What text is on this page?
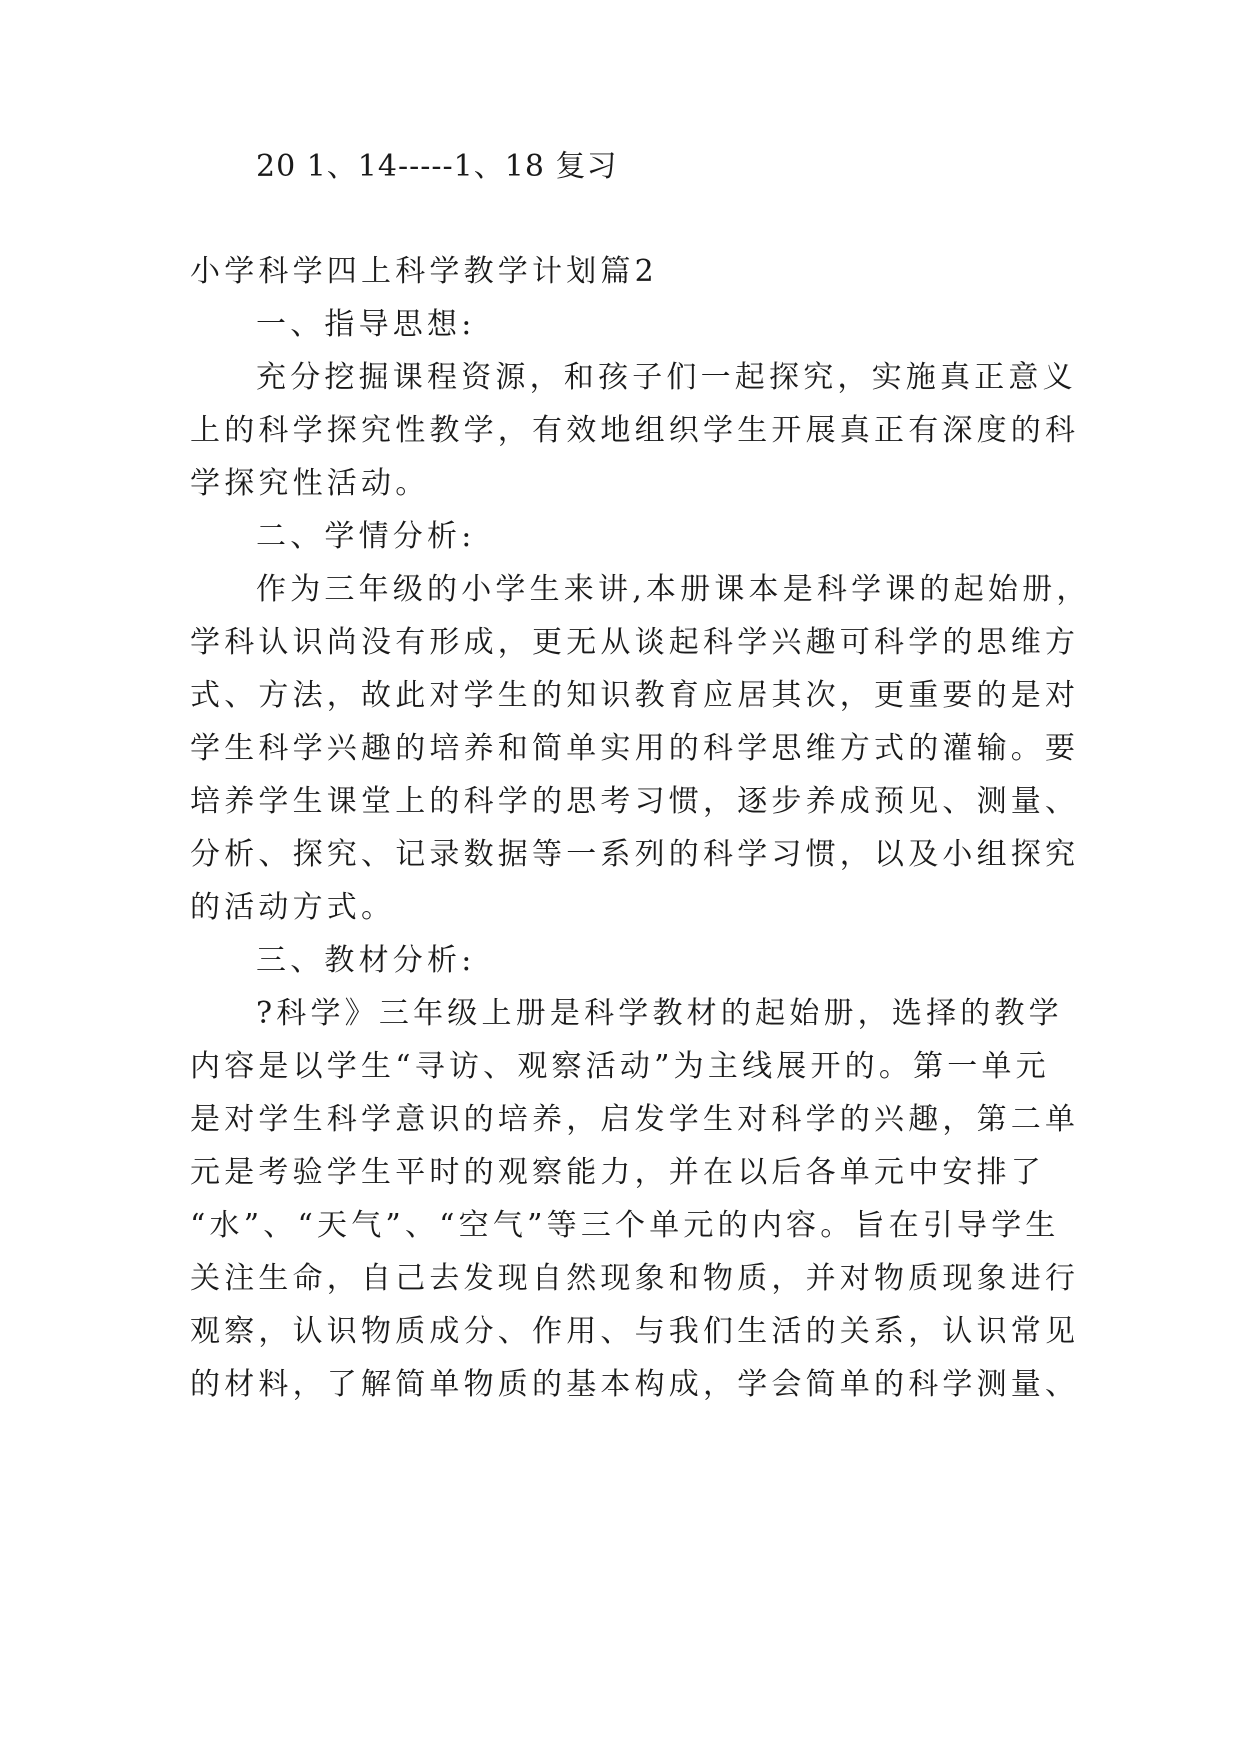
20 1、14-----1、18 复习
小学科学四上科学教学计划篇2
一、指导思想:
充分挖掘课程资源，和孩子们一起探究，实施真正意义
上的科学探究性教学，有效地组织学生开展真正有深度的科
学探究性活动。
二、学情分析:
作为三年级的小学生来讲,本册课本是科学课的起始册，
学科认识尚没有形成，更无从谈起科学兴趣可科学的思维方
式、方法，故此对学生的知识教育应居其次，更重要的是对
学生科学兴趣的培养和简单实用的科学思维方式的灌输。要
培养学生课堂上的科学的思考习惯，逐步养成预见、测量、
分析、探究、记录数据等一系列的科学习惯，以及小组探究
的活动方式。
三、教材分析:
?科学》三年级上册是科学教材的起始册，选择的教学
内容是以学生“寻访、观察活动”为主线展开的。第一单元
是对学生科学意识的培养，启发学生对科学的兴趣，第二单
元是考验学生平时的观察能力，并在以后各单元中安排了
“水”、“天气”、“空气”等三个单元的内容。旨在引导学生
关注生命，自己去发现自然现象和物质，并对物质现象进行
观察，认识物质成分、作用、与我们生活的关系，认识常见
的材料，了解简单物质的基本构成，学会简单的科学测量、
